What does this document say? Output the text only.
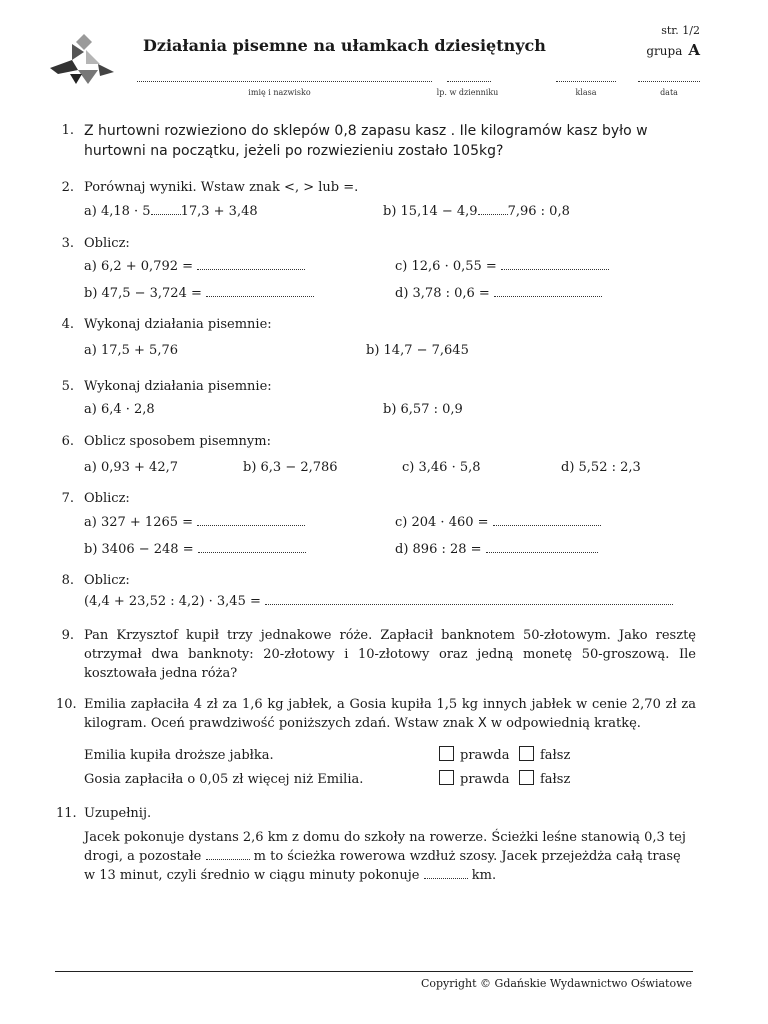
Działania pisemne na ułamkach dziesiętnych
str. 1/2
grupa A
imię i nazwisko	lp. w dzienniku	klasa	data
1. Z hurtowni rozwieziono do sklepów 0,8 zapasu kasz . Ile kilogramów kasz było w hurtowni na początku, jeżeli po rozwiezieniu zostało 105kg?
2. Porównaj wyniki. Wstaw znak <, > lub =.
a) 4,18 · 5 17,3 + 3,48	b) 15,14 − 4,9 7,96 : 0,8
3. Oblicz:
a) 6,2 + 0,792 =	c) 12,6 · 0,55 =
b) 47,5 − 3,724 =	d) 3,78 : 0,6 =
4. Wykonaj działania pisemnie:
a) 17,5 + 5,76	b) 14,7 − 7,645
5. Wykonaj działania pisemnie:
a) 6,4 · 2,8	b) 6,57 : 0,9
6. Oblicz sposobem pisemnym:
a) 0,93 + 42,7	b) 6,3 − 2,786	c) 3,46 · 5,8	d) 5,52 : 2,3
7. Oblicz:
a) 327 + 1265 =	c) 204 · 460 =
b) 3406 − 248 =	d) 896 : 28 =
8. Oblicz:
(4,4 + 23,52 : 4,2) · 3,45 =
9. Pan Krzysztof kupił trzy jednakowe róże. Zapłacił banknotem 50-złotowym. Jako resztę otrzymał dwa banknoty: 20-złotowy i 10-złotowy oraz jedną monetę 50-groszową. Ile kosztowała jedna róża?
10. Emilia zapłaciła 4 zł za 1,6 kg jabłek, a Gosia kupiła 1,5 kg innych jabłek w cenie 2,70 zł za kilogram. Oceń prawdziwość poniższych zdań. Wstaw znak X w odpowiednią kratkę.
Emilia kupiła droższe jabłka.	prawda	fałsz
Gosia zapłaciła o 0,05 zł więcej niż Emilia.	prawda	fałsz
11. Uzupełnij.
Jacek pokonuje dystans 2,6 km z domu do szkoły na rowerze. Ścieżki leśne stanowią 0,3 tej
drogi, a pozostałe	m to ścieżka rowerowa wzdłuż szosy. Jacek przejeżdża całą trasę
w 13 minut, czyli średnio w ciągu minuty pokonuje	km.
Copyright © Gdańskie Wydawnictwo Oświatowe
